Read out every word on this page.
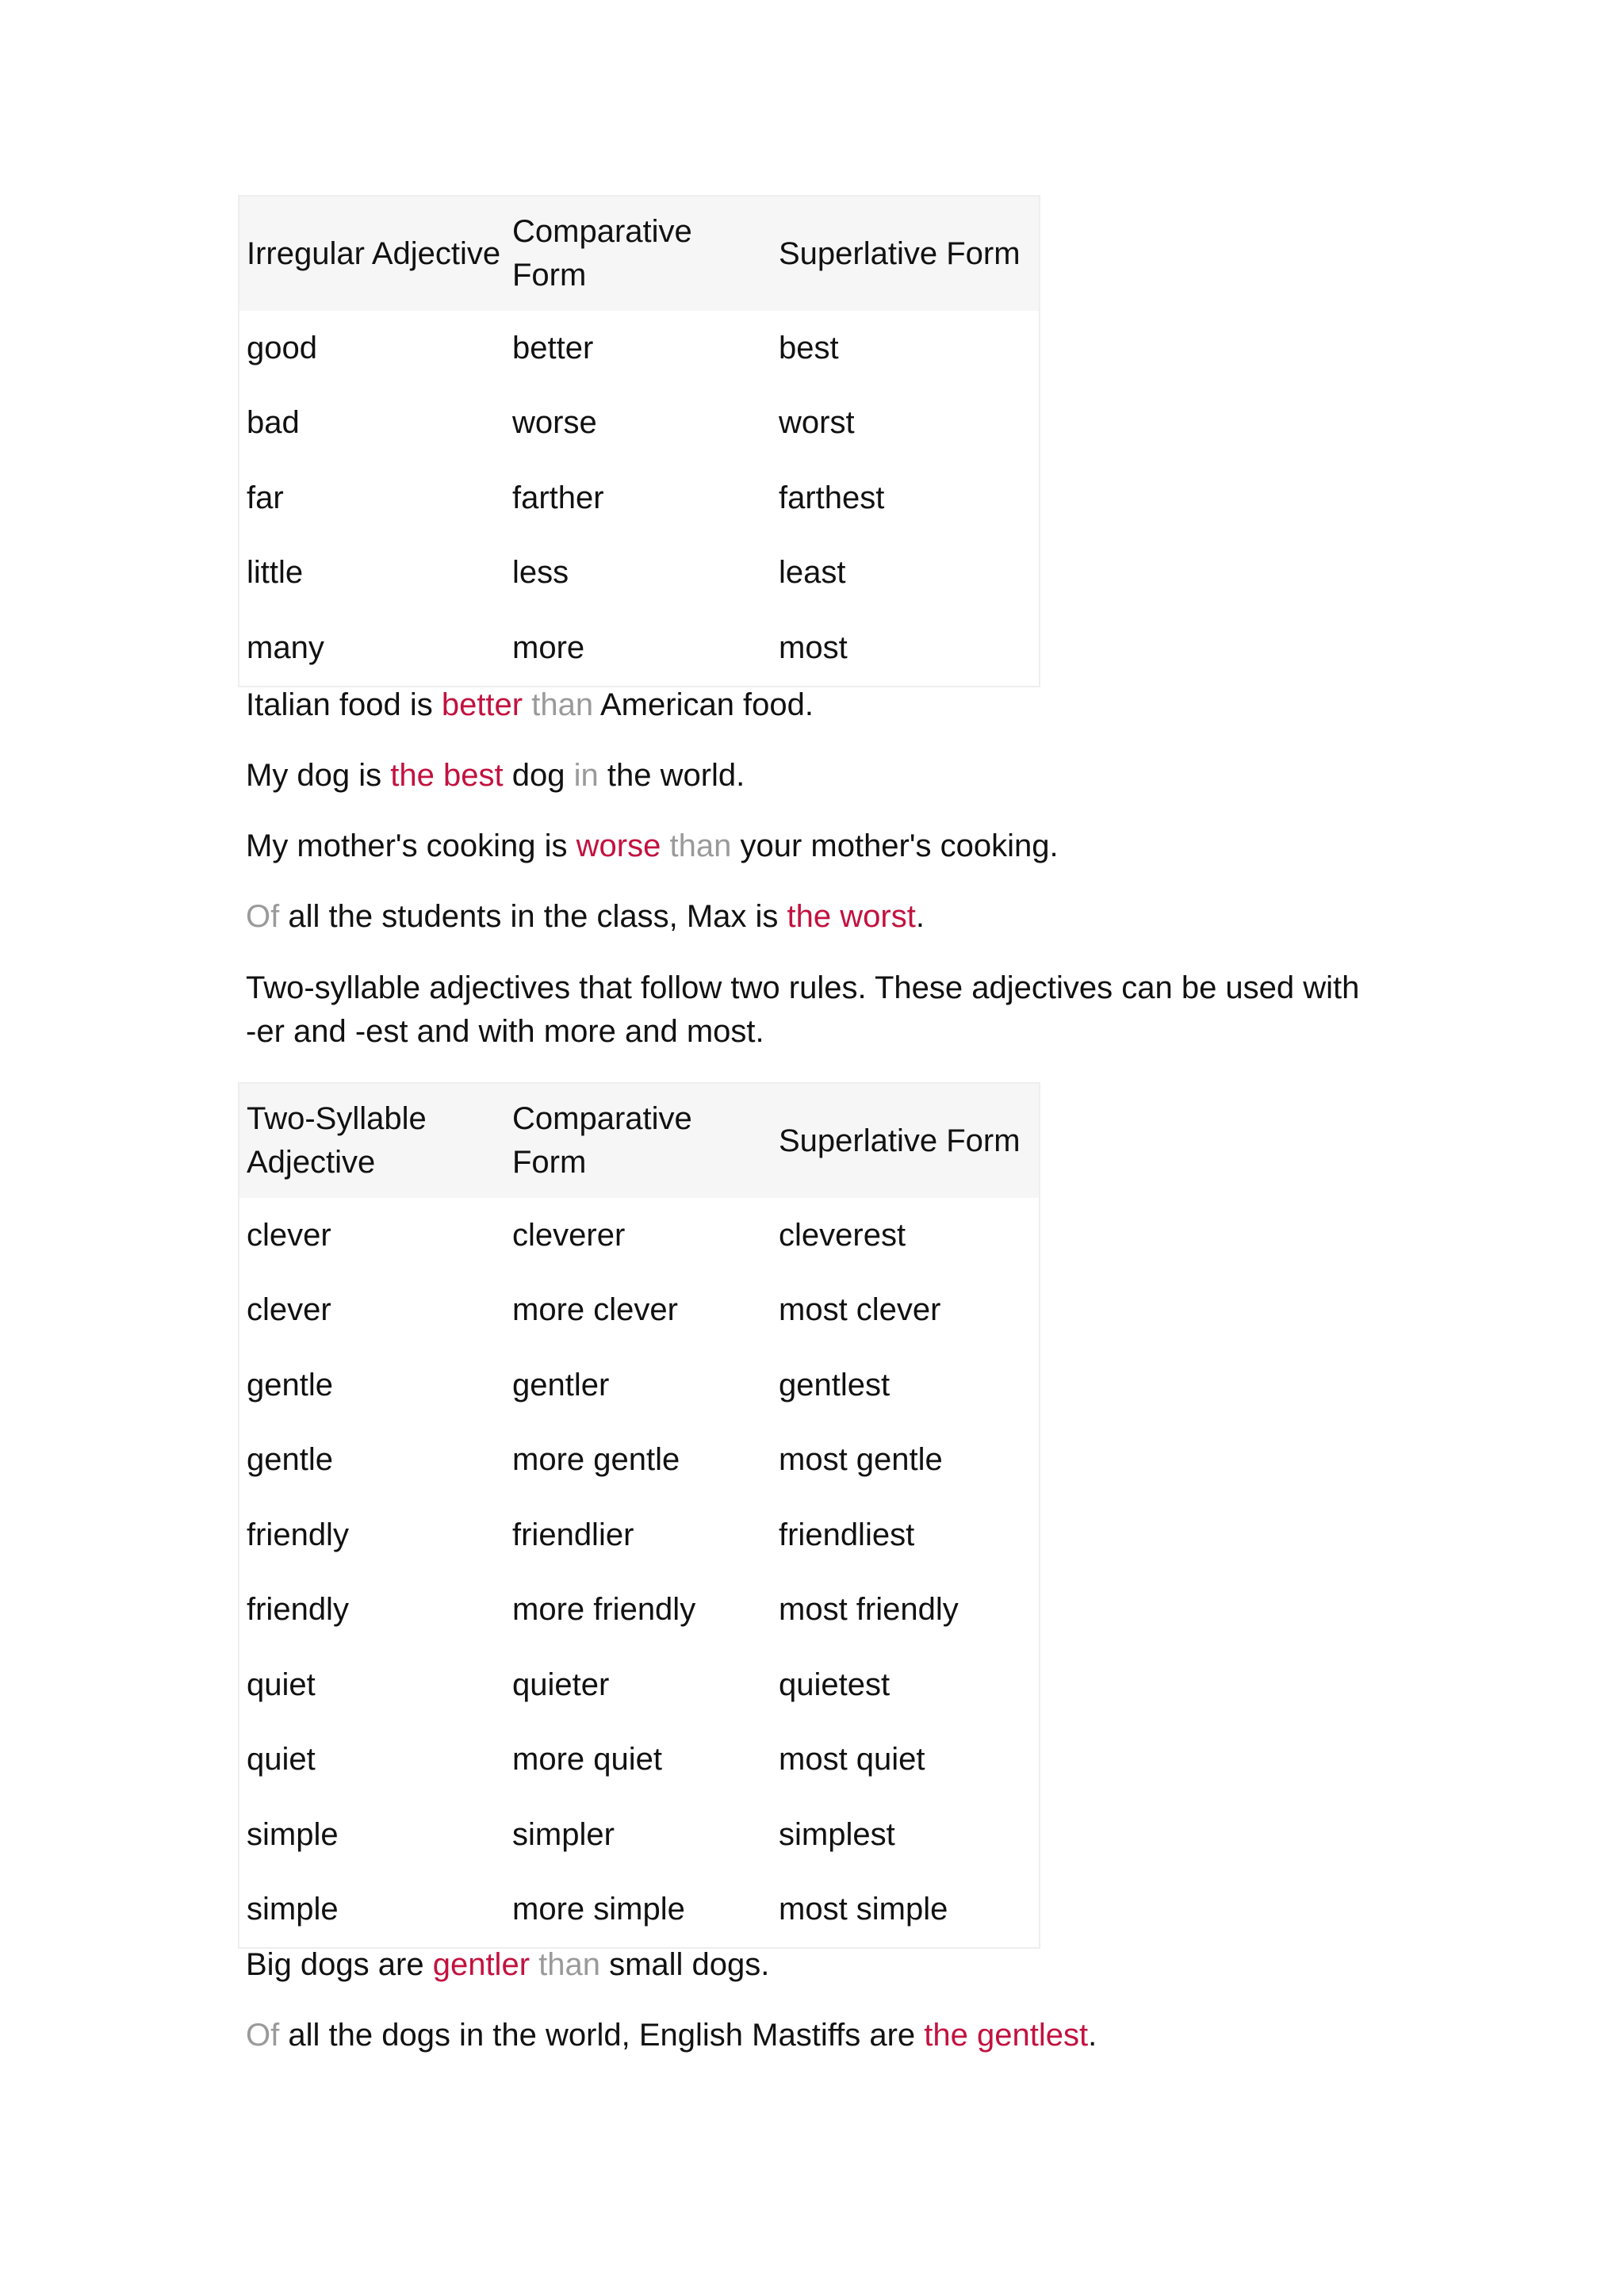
Irregular Adjective	Comparative Form	Superlative Form
good	better	best
bad	worse	worst
far	farther	farthest
little	less	least
many	more	most

Italian food is better than American food.

My dog is the best dog in the world.

My mother's cooking is worse than your mother's cooking.

Of all the students in the class, Max is the worst.

Two-syllable adjectives that follow two rules. These adjectives can be used with -er and -est and with more and most.

Two-Syllable Adjective	Comparative Form	Superlative Form
clever	cleverer	cleverest
clever	more clever	most clever
gentle	gentler	gentlest
gentle	more gentle	most gentle
friendly	friendlier	friendliest
friendly	more friendly	most friendly
quiet	quieter	quietest
quiet	more quiet	most quiet
simple	simpler	simplest
simple	more simple	most simple

Big dogs are gentler than small dogs.

Of all the dogs in the world, English Mastiffs are the gentlest.
